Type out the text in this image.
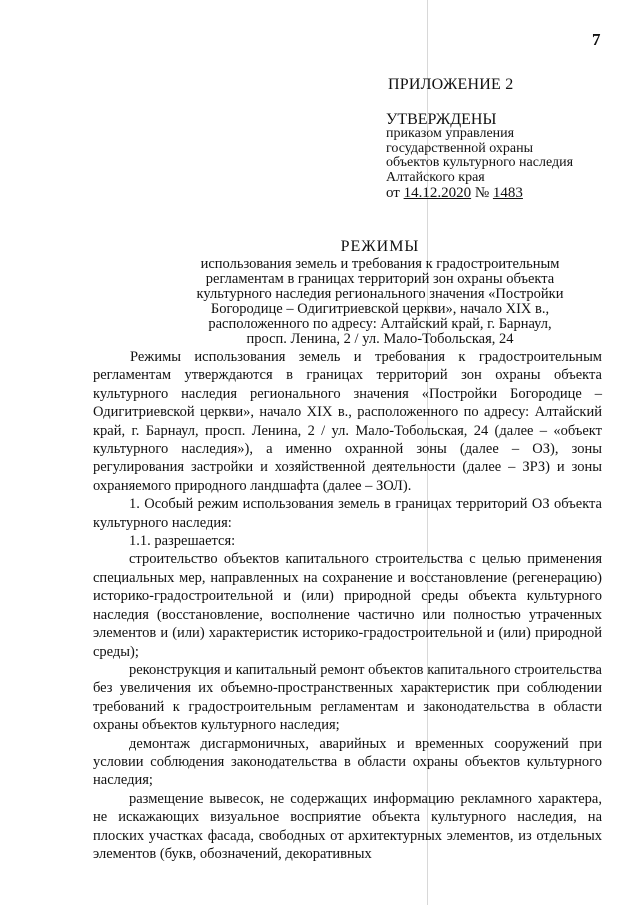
7
ПРИЛОЖЕНИЕ 2
УТВЕРЖДЕНЫ
приказом управления
государственной охраны
объектов культурного наследия
Алтайского края
от 14.12.2020 № 1483
РЕЖИМЫ
использования земель и требования к градостроительным
регламентам в границах территорий зон охраны объекта
культурного наследия регионального значения «Постройки
Богородице – Одигитриевской церкви», начало XIX в.,
расположенного по адресу: Алтайский край, г. Барнаул,
просп. Ленина, 2 / ул. Мало-Тобольская, 24

Режимы использования земель и требования к градостроительным регламентам утверждаются в границах территорий зон охраны объекта культурного наследия регионального значения «Постройки Богородице – Одигитриевской церкви», начало XIX в., расположенного по адресу: Алтайский край, г. Барнаул, просп. Ленина, 2 / ул. Мало-Тобольская, 24 (далее – «объект культурного наследия»), а именно охранной зоны (далее – ОЗ), зоны регулирования застройки и хозяйственной деятельности (далее – ЗРЗ) и зоны охраняемого природного ландшафта (далее – ЗОЛ).

1. Особый режим использования земель в границах территорий ОЗ объекта культурного наследия:

1.1. разрешается:

строительство объектов капитального строительства с целью применения специальных мер, направленных на сохранение и восстановление (регенерацию) историко-градостроительной и (или) природной среды объекта культурного наследия (восстановление, восполнение частично или полностью утраченных элементов и (или) характеристик историко-градостроительной и (или) природной среды);

реконструкция и капитальный ремонт объектов капитального строительства без увеличения их объемно-пространственных характеристик при соблюдении требований к градостроительным регламентам и законодательства в области охраны объектов культурного наследия;

демонтаж дисгармоничных, аварийных и временных сооружений при условии соблюдения законодательства в области охраны объектов культурного наследия;

размещение вывесок, не содержащих информацию рекламного характера, не искажающих визуальное восприятие объекта культурного наследия, на плоских участках фасада, свободных от архитектурных элементов, из отдельных элементов (букв, обозначений, декоративных
